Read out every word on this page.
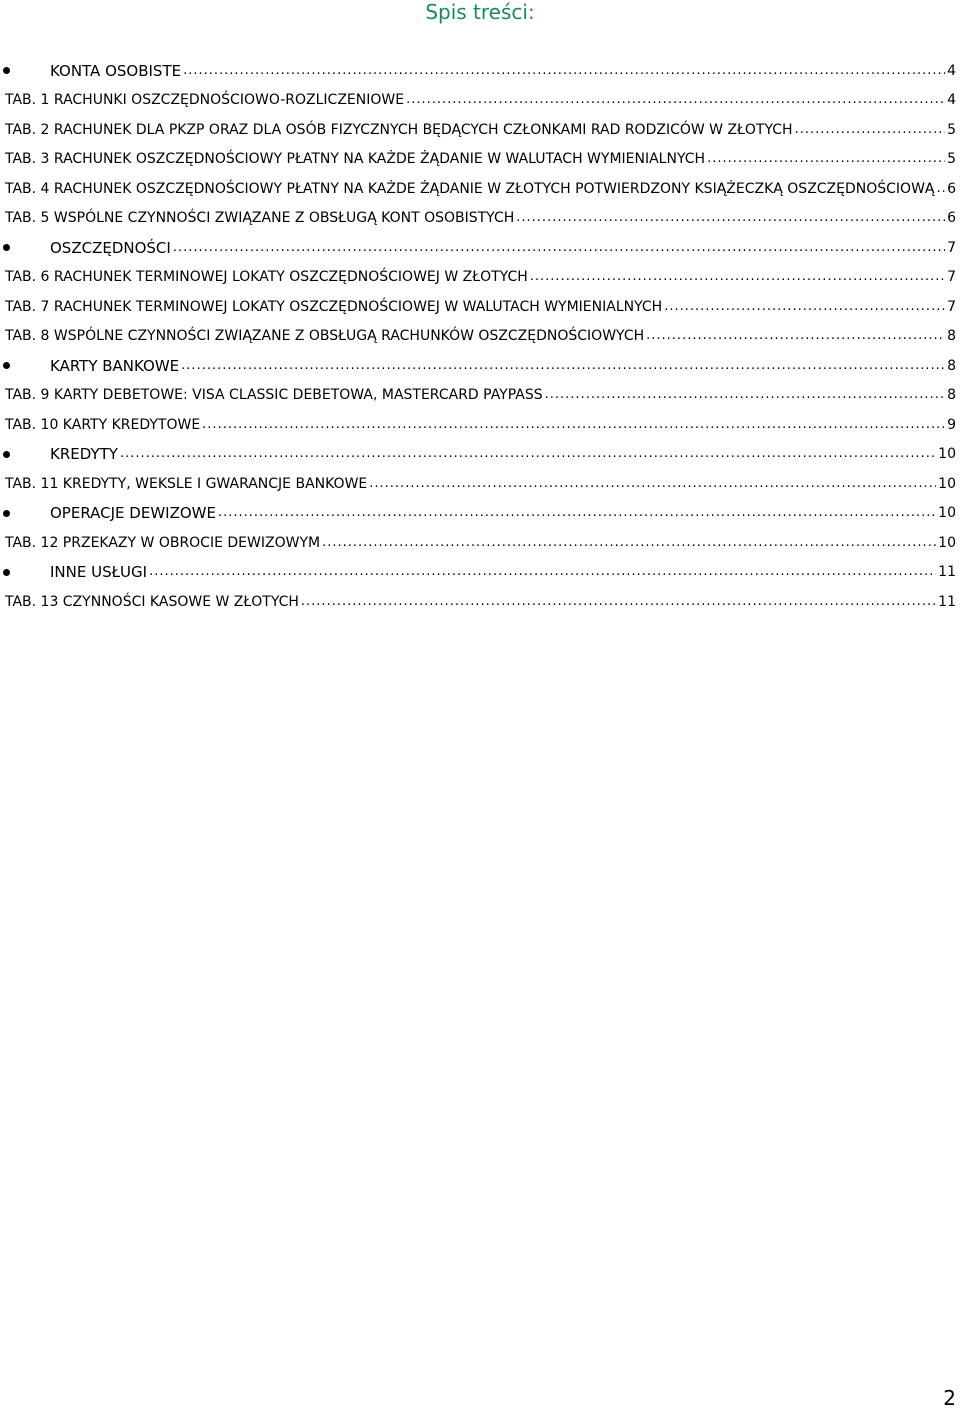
Spis treści:
KONTA OSOBISTE .....	4
TAB. 1 RACHUNKI OSZCZĘDNOŚCIOWO-ROZLICZENIOWE .....	4
TAB. 2 RACHUNEK DLA PKZP ORAZ DLA OSÓB FIZYCZNYCH BĘDĄCYCH CZŁONKAMI RAD RODZICÓW W ZŁOTYCH .....	5
TAB. 3 RACHUNEK OSZCZĘDNOŚCIOWY PŁATNY NA KAŻDE ŻĄDANIE W WALUTACH WYMIENIALNYCH .....	5
TAB. 4 RACHUNEK OSZCZĘDNOŚCIOWY PŁATNY NA KAŻDE ŻĄDANIE W ZŁOTYCH POTWIERDZONY KSIĄŻECZKĄ OSZCZĘDNOŚCIOWĄ ..... 6
TAB. 5 WSPÓLNE CZYNNOŚCI ZWIĄZANE Z OBSŁUGĄ KONT OSOBISTYCH .....	6
OSZCZĘDNOŚCI .....	7
TAB. 6 RACHUNEK TERMINOWEJ LOKATY OSZCZĘDNOŚCIOWEJ W ZŁOTYCH .....	7
TAB. 7 RACHUNEK TERMINOWEJ LOKATY OSZCZĘDNOŚCIOWEJ W WALUTACH WYMIENIALNYCH .....	7
TAB. 8 WSPÓLNE CZYNNOŚCI ZWIĄZANE Z OBSŁUGĄ RACHUNKÓW OSZCZĘDNOŚCIOWYCH .....	8
KARTY BANKOWE .....	8
TAB. 9 KARTY DEBETOWE: VISA CLASSIC DEBETOWA, MASTERCARD PAYPASS .....	8
TAB. 10 KARTY KREDYTOWE .....	9
KREDYTY .....	10
TAB. 11 KREDYTY, WEKSLE I GWARANCJE BANKOWE .....	10
OPERACJE DEWIZOWE .....	10
TAB. 12 PRZEKAZY W OBROCIE DEWIZOWYM .....	10
INNE USŁUGI .....	11
TAB. 13 CZYNNOŚCI KASOWE W ZŁOTYCH .....	11
2
